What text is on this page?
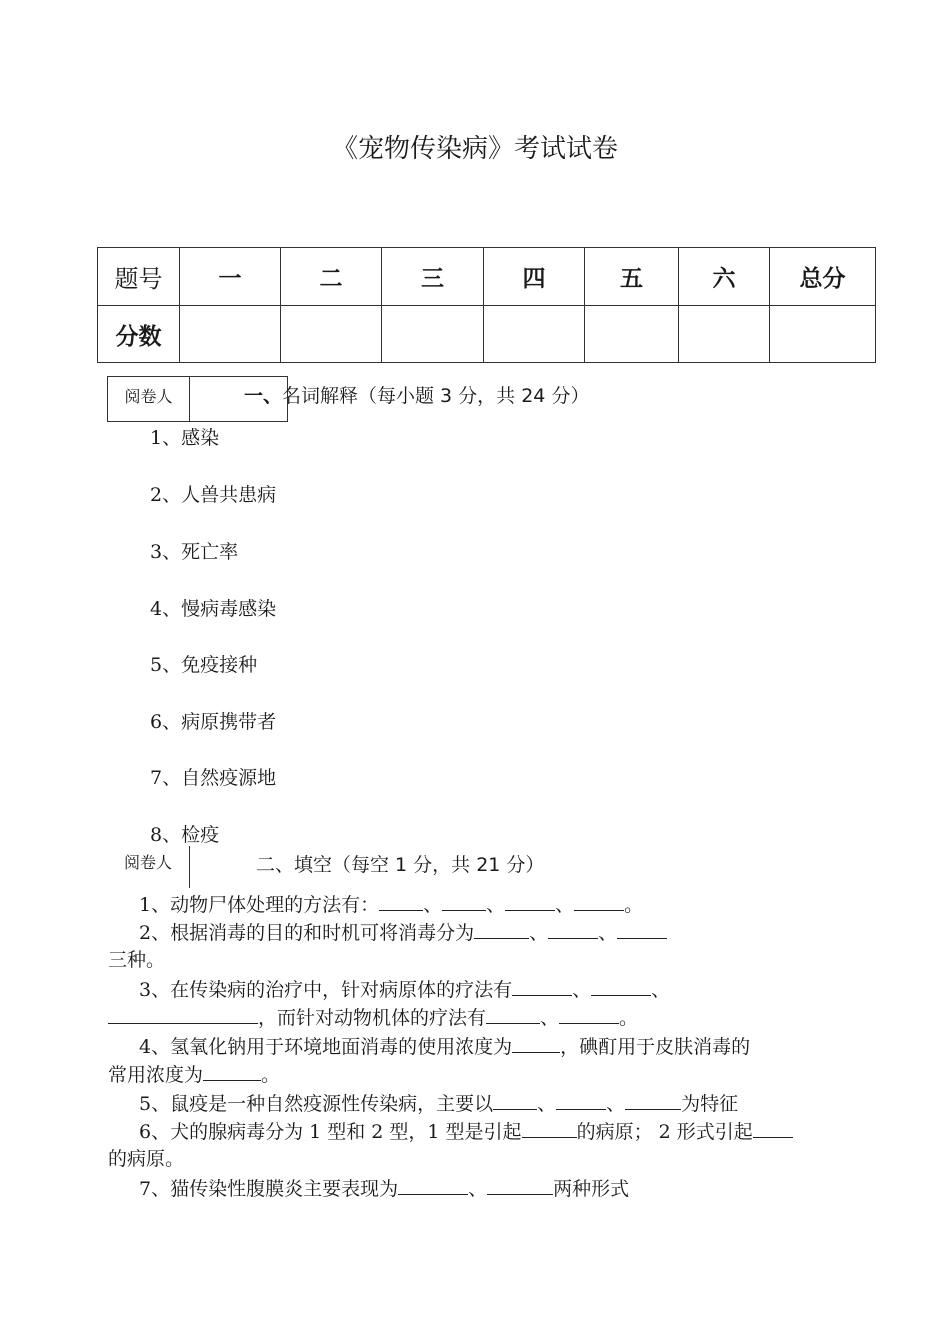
《宠物传染病》考试试卷
题号	一	二	三	四	五	六	总分
分数							
阅卷人	一、名词解释（每小题 3 分，共 24 分）
1、感染
2、人兽共患病
3、死亡率
4、慢病毒感染
5、免疫接种
6、病原携带者
7、自然疫源地
8、检疫
阅卷人	二、填空（每空 1 分，共 21 分）
1、动物尸体处理的方法有： 、 、	、	。
2、根据消毒的目的和时机可将消毒分为	、	、
三种。
3、在传染病的治疗中，针对病原体的疗法有	、	、
，而针对动物机体的疗法有	、	。
4、氢氧化钠用于环境地面消毒的使用浓度为	，碘酊用于皮肤消毒的
常用浓度为	。
5、鼠疫是一种自然疫源性传染病，主要以 、	、	为特征
6、犬的腺病毒分为 1 型和 2 型，1 型是引起	的病原； 2 形式引起
的病原。
7、猫传染性腹膜炎主要表现为	、	两种形式
